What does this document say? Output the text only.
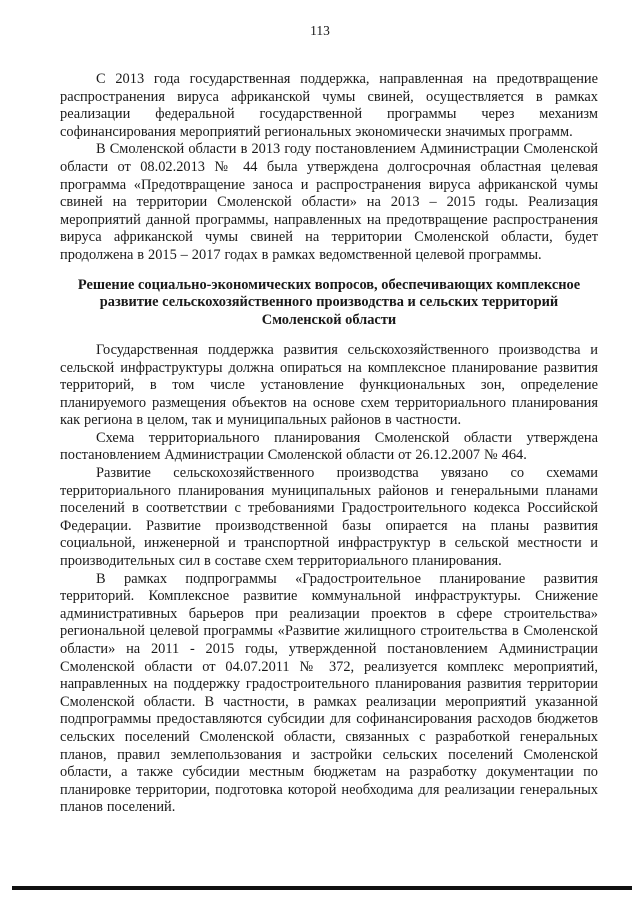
113

С 2013 года государственная поддержка, направленная на предотвращение распространения вируса африканской чумы свиней, осуществляется в рамках реализации федеральной государственной программы через механизм софинансирования мероприятий региональных экономически значимых программ.

В Смоленской области в 2013 году постановлением Администрации Смоленской области от 08.02.2013 № 44 была утверждена долгосрочная областная целевая программа «Предотвращение заноса и распространения вируса африканской чумы свиней на территории Смоленской области» на 2013 – 2015 годы. Реализация мероприятий данной программы, направленных на предотвращение распространения вируса африканской чумы свиней на территории Смоленской области, будет продолжена в 2015 – 2017 годах в рамках ведомственной целевой программы.

Решение социально-экономических вопросов, обеспечивающих комплексное развитие сельскохозяйственного производства и сельских территорий Смоленской области

Государственная поддержка развития сельскохозяйственного производства и сельской инфраструктуры должна опираться на комплексное планирование развития территорий, в том числе установление функциональных зон, определение планируемого размещения объектов на основе схем территориального планирования как региона в целом, так и муниципальных районов в частности.

Схема территориального планирования Смоленской области утверждена постановлением Администрации Смоленской области от 26.12.2007 № 464.

Развитие сельскохозяйственного производства увязано со схемами территориального планирования муниципальных районов и генеральными планами поселений в соответствии с требованиями Градостроительного кодекса Российской Федерации. Развитие производственной базы опирается на планы развития социальной, инженерной и транспортной инфраструктур в сельской местности и производительных сил в составе схем территориального планирования.

В рамках подпрограммы «Градостроительное планирование развития территорий. Комплексное развитие коммунальной инфраструктуры. Снижение административных барьеров при реализации проектов в сфере строительства» региональной целевой программы «Развитие жилищного строительства в Смоленской области» на 2011 - 2015 годы, утвержденной постановлением Администрации Смоленской области от 04.07.2011 № 372, реализуется комплекс мероприятий, направленных на поддержку градостроительного планирования развития территории Смоленской области. В частности, в рамках реализации мероприятий указанной подпрограммы предоставляются субсидии для софинансирования расходов бюджетов сельских поселений Смоленской области, связанных с разработкой генеральных планов, правил землепользования и застройки сельских поселений Смоленской области, а также субсидии местным бюджетам на разработку документации по планировке территории, подготовка которой необходима для реализации генеральных планов поселений.
